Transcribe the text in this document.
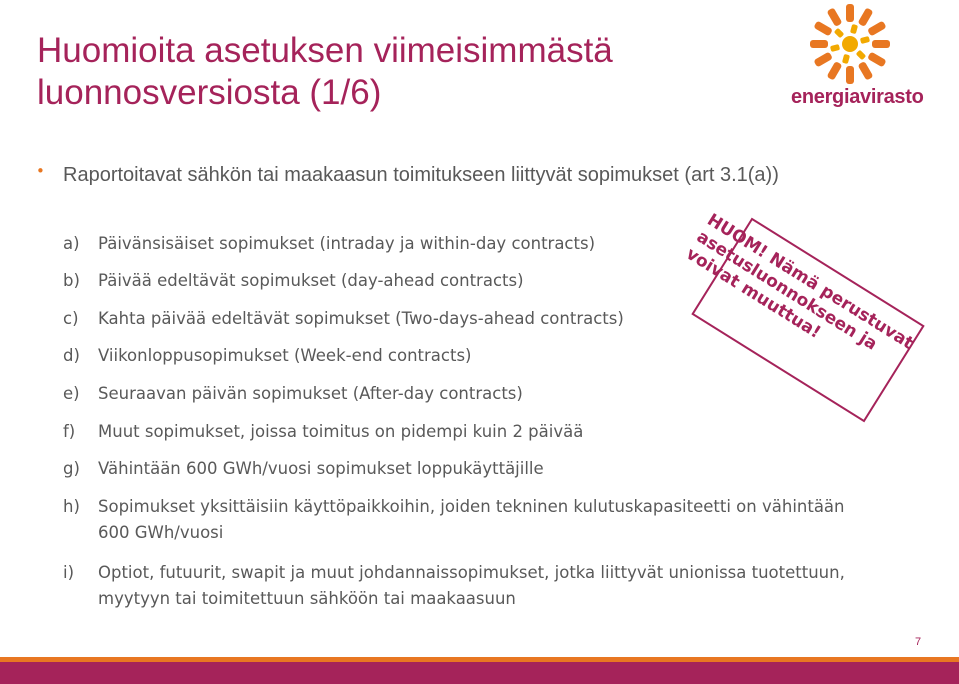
Huomioita asetuksen viimeisimmästä luonnosversiosta (1/6)	energiavirasto
• Raportoitavat sähkön tai maakaasun toimitukseen liittyvät sopimukset (art 3.1(a))
a) Päivänsisäiset sopimukset (intraday ja within-day contracts)
b) Päivää edeltävät sopimukset (day-ahead contracts)
c) Kahta päivää edeltävät sopimukset (Two-days-ahead contracts)
d) Viikonloppusopimukset (Week-end contracts)
e) Seuraavan päivän sopimukset (After-day contracts)
f) Muut sopimukset, joissa toimitus on pidempi kuin 2 päivää
g) Vähintään 600 GWh/vuosi sopimukset loppukäyttäjille
h) Sopimukset yksittäisiin käyttöpaikkoihin, joiden tekninen kulutuskapasiteetti on vähintään 600 GWh/vuosi
i) Optiot, futuurit, swapit ja muut johdannaissopimukset, jotka liittyvät unionissa tuotettuun, myytyyn tai toimitettuun sähköön tai maakaasuun
HUOM! Nämä perustuvat asetusluonnokseen ja voivat muuttua!
7
